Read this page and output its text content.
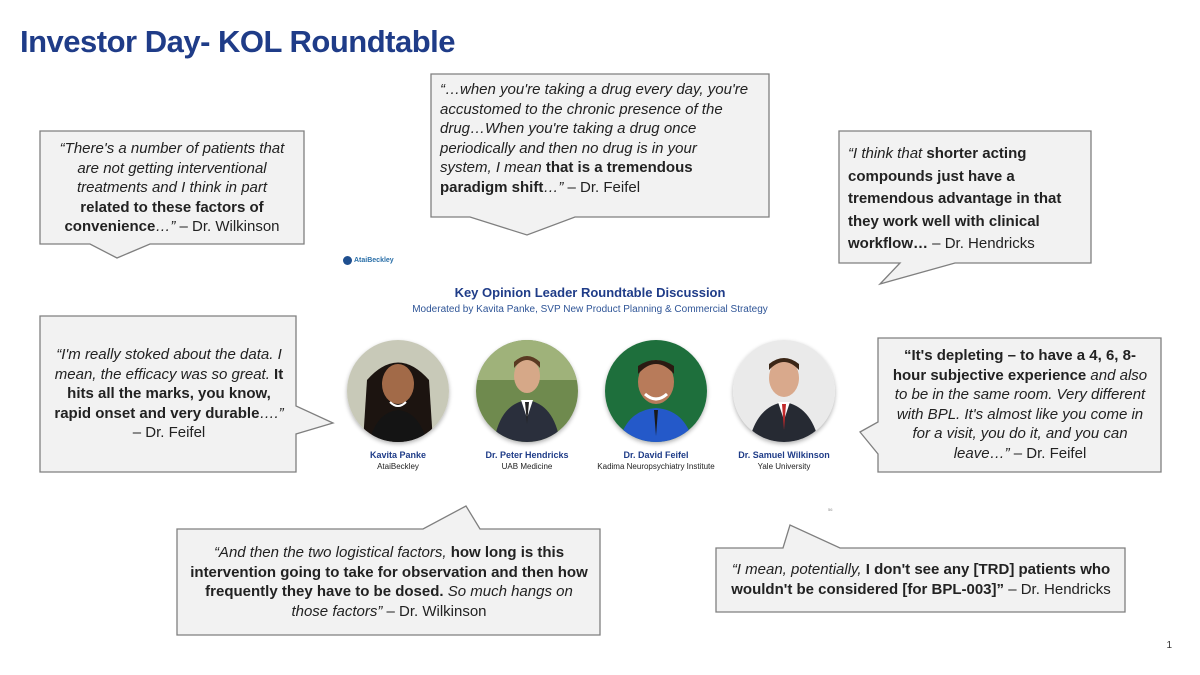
Investor Day- KOL Roundtable
“There's a number of patients that
are not getting interventional
treatments and I think in part
related to these factors of
convenience…” – Dr. Wilkinson
“…when you're taking a drug every day, you're
accustomed to the chronic presence of the
drug…When you're taking a drug once
periodically and then no drug is in your
system, I mean that is a tremendous
paradigm shift…” – Dr. Feifel
“I think that shorter acting
compounds just have a
tremendous advantage in that
they work well with clinical
workflow… – Dr. Hendricks
“I'm really stoked about the data. I
mean, the efficacy was so great. It
hits all the marks, you know,
rapid onset and very durable….”
– Dr. Feifel
“It's depleting – to have a 4, 6, 8-
hour subjective experience and also
to be in the same room. Very different
with BPL. It's almost like you come in
for a visit, you do it, and you can
leave…” – Dr. Feifel
“And then the two logistical factors, how long is this
intervention going to take for observation and then how
frequently they have to be dosed. So much hangs on
those factors” – Dr. Wilkinson
“I mean, potentially, I don't see any [TRD] patients who
wouldn't be considered [for BPL-003]” – Dr. Hendricks
AtaiBeckley
Key Opinion Leader Roundtable Discussion
Moderated by Kavita Panke, SVP New Product Planning & Commercial Strategy
Kavita Panke
AtaiBeckley
Dr. Peter Hendricks
UAB Medicine
Dr. David Feifel
Kadima Neuropsychiatry Institute
Dr. Samuel Wilkinson
Yale University
56
1
